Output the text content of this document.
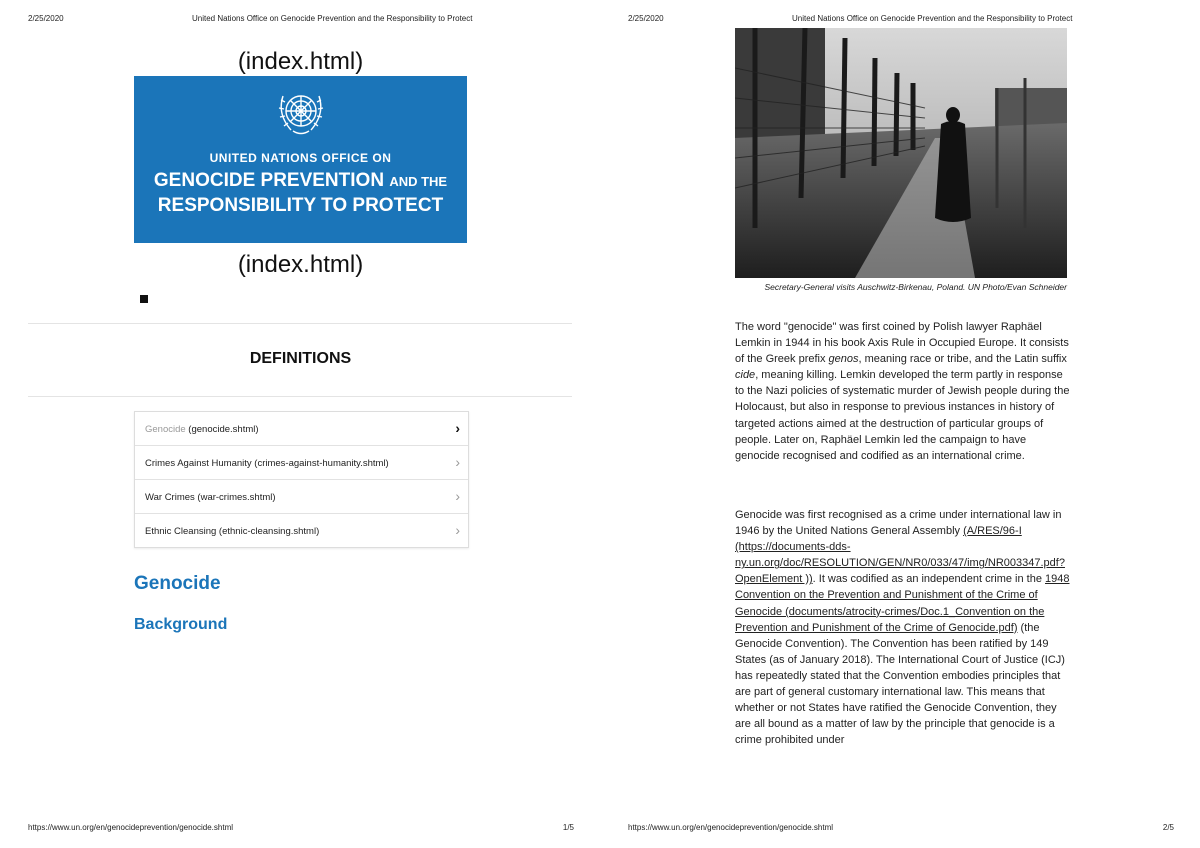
2/25/2020	United Nations Office on Genocide Prevention and the Responsibility to Protect
(index.html)
UNITED NATIONS OFFICE ON
GENOCIDE PREVENTION AND THE
RESPONSIBILITY TO PROTECT
(index.html)
DEFINITIONS
Genocide (genocide.shtml)	›
Crimes Against Humanity (crimes-against-humanity.shtml)	›
War Crimes (war-crimes.shtml)	›
Ethnic Cleansing (ethnic-cleansing.shtml)	›
Genocide
Background
https://www.un.org/en/genocideprevention/genocide.shtml	1/5
2/25/2020	United Nations Office on Genocide Prevention and the Responsibility to Protect
https://www.un.org/en/genocideprevention/genocide.shtml	2/5
Secretary-General visits Auschwitz-Birkenau, Poland. UN Photo/Evan Schneider
The word "genocide" was first coined by Polish lawyer Raphäel Lemkin in 1944 in his book Axis Rule in Occupied Europe. It consists of the Greek prefix genos, meaning race or tribe, and the Latin suffix cide, meaning killing. Lemkin developed the term partly in response to the Nazi policies of systematic murder of Jewish people during the Holocaust, but also in response to previous instances in history of targeted actions aimed at the destruction of particular groups of people. Later on, Raphäel Lemkin led the campaign to have genocide recognised and codified as an international crime.
Genocide was first recognised as a crime under international law in 1946 by the United Nations General Assembly (A/RES/96-I (https://documents-dds-ny.un.org/doc/RESOLUTION/GEN/NR0/033/47/img/NR003347.pdf?OpenElement )). It was codified as an independent crime in the 1948 Convention on the Prevention and Punishment of the Crime of Genocide (documents/atrocity-crimes/Doc.1_Convention on the Prevention and Punishment of the Crime of Genocide.pdf) (the Genocide Convention). The Convention has been ratified by 149 States (as of January 2018). The International Court of Justice (ICJ) has repeatedly stated that the Convention embodies principles that are part of general customary international law. This means that whether or not States have ratified the Genocide Convention, they are all bound as a matter of law by the principle that genocide is a crime prohibited under
